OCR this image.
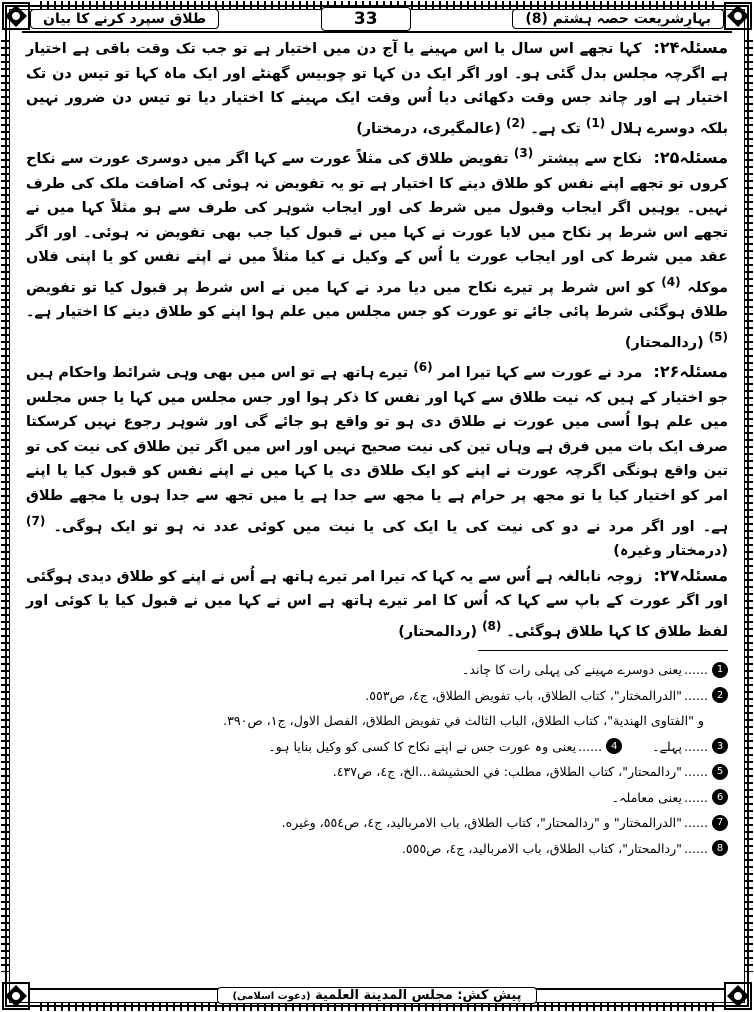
بہارِشریعت حصہ ہشتم (8)
33
طلاق سپرد کرنے کا بیان

مسئلہ۲۴: کہا تجھے اس سال یا اس مہینے یا آج دن میں اختیار ہے تو جب تک وقت باقی ہے اختیار ہے اگرچہ مجلس بدل گئی ہو۔ اور اگر ایک دن کہا تو چوبیس گھنٹے اور ایک ماہ کہا تو تیس دن تک اختیار ہے اور چاند جس وقت دکھائی دیا اُس وقت ایک مہینے کا اختیار دیا تو تیس دن ضرور نہیں بلکہ دوسرے ہلال $^{(1)}$ تک ہے۔ $^{(2)}$ (عالمگیری، درمختار)

مسئلہ۲۵: نکاح سے پیشتر $^{(3)}$ تفویض طلاق کی مثلاً عورت سے کہا اگر میں دوسری عورت سے نکاح کروں تو تجھے اپنے نفس کو طلاق دینے کا اختیار ہے تو یہ تفویض نہ ہوئی کہ اضافت ملک کی طرف نہیں۔ یوہیں اگر ایجاب وقبول میں شرط کی اور ایجاب شوہر کی طرف سے ہو مثلاً کہا میں نے تجھے اس شرط پر نکاح میں لایا عورت نے کہا میں نے قبول کیا جب بھی تفویض نہ ہوئی۔ اور اگر عقد میں شرط کی اور ایجاب عورت یا اُس کے وکیل نے کیا مثلاً میں نے اپنے نفس کو یا اپنی فلاں موکلہ $^{(4)}$ کو اس شرط پر تیرے نکاح میں دیا مرد نے کہا میں نے اس شرط پر قبول کیا تو تفویض طلاق ہوگئی شرط پائی جائے تو عورت کو جس مجلس میں علم ہوا اپنے کو طلاق دینے کا اختیار ہے۔ $^{(5)}$ (ردالمحتار)

مسئلہ۲۶: مرد نے عورت سے کہا تیرا امر $^{(6)}$ تیرے ہاتھ ہے تو اس میں بھی وہی شرائط واحکام ہیں جو اختیار کے ہیں کہ نیت طلاق سے کہا اور نفس کا ذکر ہوا اور جس مجلس میں کہا یا جس مجلس میں علم ہوا اُسی میں عورت نے طلاق دی ہو تو واقع ہو جائے گی اور شوہر رجوع نہیں کرسکتا صرف ایک بات میں فرق ہے وہاں تین کی نیت صحیح نہیں اور اس میں اگر تین طلاق کی نیت کی تو تین واقع ہونگی اگرچہ عورت نے اپنے کو ایک طلاق دی یا کہا میں نے اپنے نفس کو قبول کیا یا اپنے امر کو اختیار کیا یا تو مجھ پر حرام ہے یا مجھ سے جدا ہے یا میں تجھ سے جدا ہوں یا مجھے طلاق ہے۔ اور اگر مرد نے دو کی نیت کی یا ایک کی یا نیت میں کوئی عدد نہ ہو تو ایک ہوگی۔ $^{(7)}$ (درمختار وغیرہ)

مسئلہ۲۷: زوجہ نابالغہ ہے اُس سے یہ کہا کہ تیرا امر تیرے ہاتھ ہے اُس نے اپنے کو طلاق دیدی ہوگئی اور اگر عورت کے باپ سے کہا کہ اُس کا امر تیرے ہاتھ ہے اس نے کہا میں نے قبول کیا یا کوئی اور لفظ طلاق کا کہا طلاق ہوگئی۔ $^{(8)}$ (ردالمحتار)

1
......
یعنی دوسرے مہینے کی پہلی رات کا چاند۔

2
......
"الدرالمختار"، کتاب الطلاق، باب تفويض الطلاق، ج٤، ص٥٥٣.

و "الفتاوى الهندية"، كتاب الطلاق، الباب الثالث في تفويض الطلاق، الفصل الاول، ج١، ص٣٩٠.

3
......
پہلے۔
4
......
یعنی وہ عورت جس نے اپنے نکاح کا کسی کو وکیل بنایا ہو۔

5
......
"ردالمحتار"، كتاب الطلاق، مطلب: في الحشيشة...الخ، ج٤، ص٤٣٧.

6
......
یعنی معاملہ۔

7
......
"الدرالمختار" و "ردالمحتار"، كتاب الطلاق، باب الامرباليد، ج٤، ص٥٥٤، وغيره.

8
......
"ردالمحتار"، كتاب الطلاق، باب الامرباليد، ج٤، ص٥٥٥.

پیش کش: مجلس المدينة العلمية (دعوت اسلامی)
